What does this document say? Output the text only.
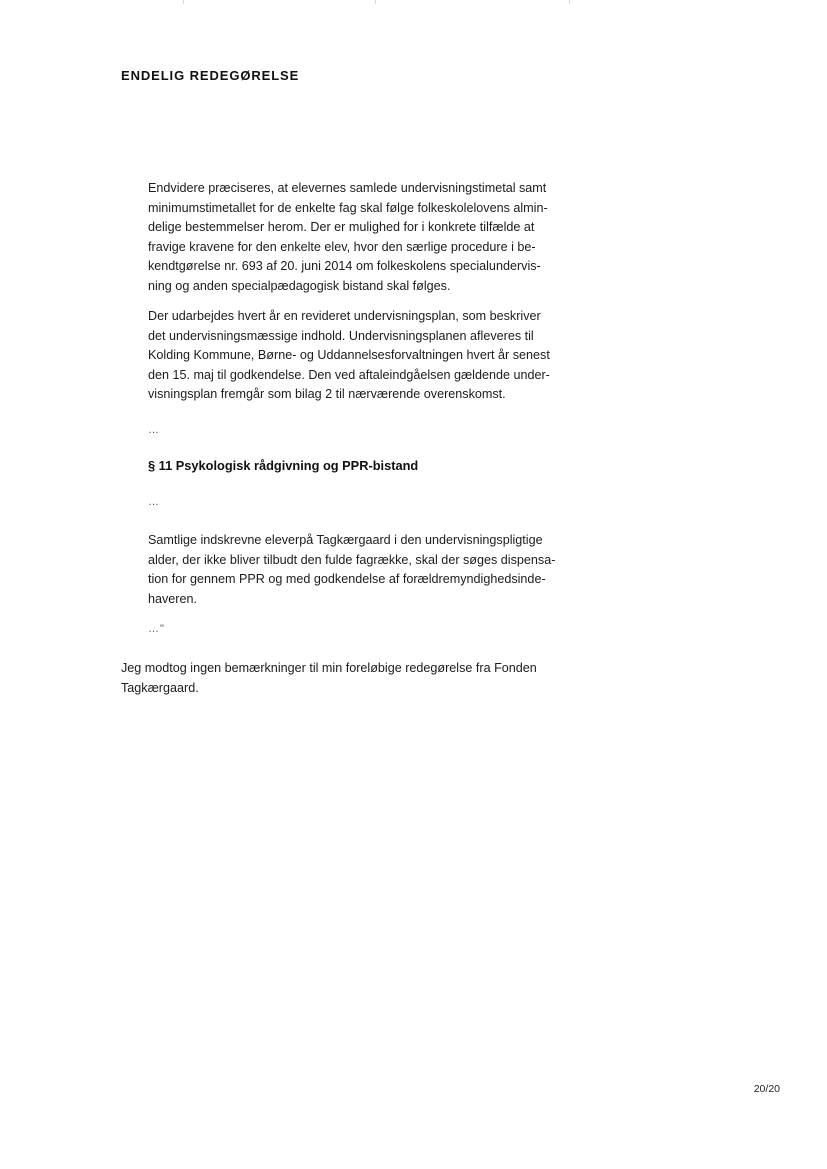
ENDELIG REDEGØRELSE
Endvidere præciseres, at elevernes samlede undervisningstimetal samt
minimumstimetallet for de enkelte fag skal følge folkeskolelovens almin-
delige bestemmelser herom. Der er mulighed for i konkrete tilfælde at
fravige kravene for den enkelte elev, hvor den særlige procedure i be-
kendtgørelse nr. 693 af 20. juni 2014 om folkeskolens specialundervis-
ning og anden specialpædagogisk bistand skal følges.
Der udarbejdes hvert år en revideret undervisningsplan, som beskriver
det undervisningsmæssige indhold. Undervisningsplanen afleveres til
Kolding Kommune, Børne- og Uddannelsesforvaltningen hvert år senest
den 15. maj til godkendelse. Den ved aftaleindgåelsen gældende under-
visningsplan fremgår som bilag 2 til nærværende overenskomst.
…
§ 11 Psykologisk rådgivning og PPR-bistand
…
Samtlige indskrevne eleverpå Tagkærgaard i den undervisningspligtige
alder, der ikke bliver tilbudt den fulde fagrække, skal der søges dispensa-
tion for gennem PPR og med godkendelse af forældremyndighedsinde-
haveren.
…"
Jeg modtog ingen bemærkninger til min foreløbige redegørelse fra Fonden
Tagkærgaard.
20/20
